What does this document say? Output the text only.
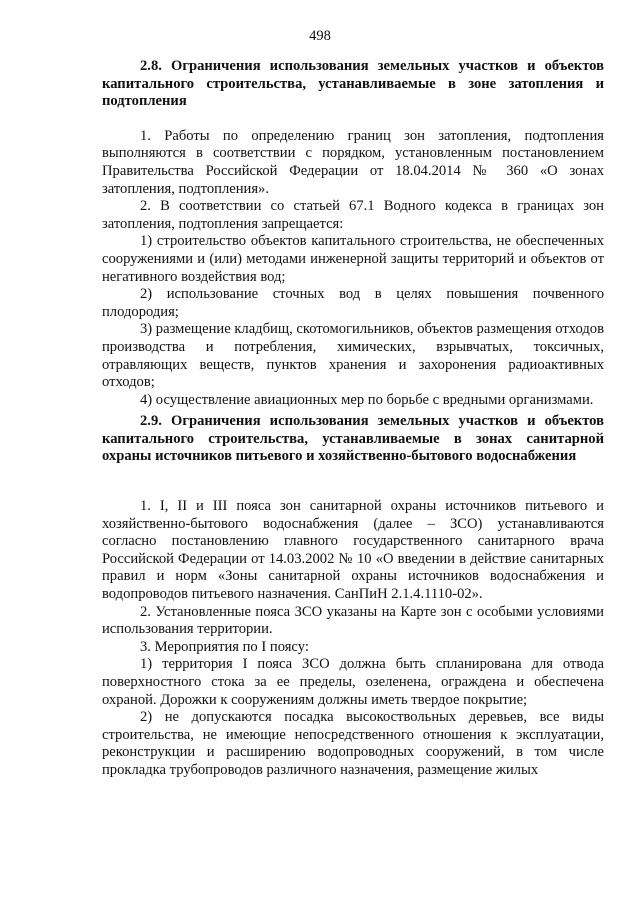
498

2.8. Ограничения использования земельных участков и объектов капитального строительства, устанавливаемые в зоне затопления и подтопления

1. Работы по определению границ зон затопления, подтопления выполняются в соответствии с порядком, установленным постановлением Правительства Российской Федерации от 18.04.2014 № 360 «О зонах затопления, подтопления».

2. В соответствии со статьей 67.1 Водного кодекса в границах зон затопления, подтопления запрещается:

1) строительство объектов капитального строительства, не обеспеченных сооружениями и (или) методами инженерной защиты территорий и объектов от негативного воздействия вод;

2) использование сточных вод в целях повышения почвенного плодородия;

3) размещение кладбищ, скотомогильников, объектов размещения отходов производства и потребления, химических, взрывчатых, токсичных, отравляющих веществ, пунктов хранения и захоронения радиоактивных отходов;

4) осуществление авиационных мер по борьбе с вредными организмами.

2.9. Ограничения использования земельных участков и объектов капитального строительства, устанавливаемые в зонах санитарной охраны источников питьевого и хозяйственно-бытового водоснабжения

1. I, II и III пояса зон санитарной охраны источников питьевого и хозяйственно-бытового водоснабжения (далее – ЗСО) устанавливаются согласно постановлению главного государственного санитарного врача Российской Федерации от 14.03.2002 № 10 «О введении в действие санитарных правил и норм «Зоны санитарной охраны источников водоснабжения и водопроводов питьевого назначения. СанПиН 2.1.4.1110-02».

2. Установленные пояса ЗСО указаны на Карте зон с особыми условиями использования территории.

3. Мероприятия по I поясу:

1) территория I пояса ЗСО должна быть спланирована для отвода поверхностного стока за ее пределы, озеленена, ограждена и обеспечена охраной. Дорожки к сооружениям должны иметь твердое покрытие;

2) не допускаются посадка высокоствольных деревьев, все виды строительства, не имеющие непосредственного отношения к эксплуатации, реконструкции и расширению водопроводных сооружений, в том числе прокладка трубопроводов различного назначения, размещение жилых
